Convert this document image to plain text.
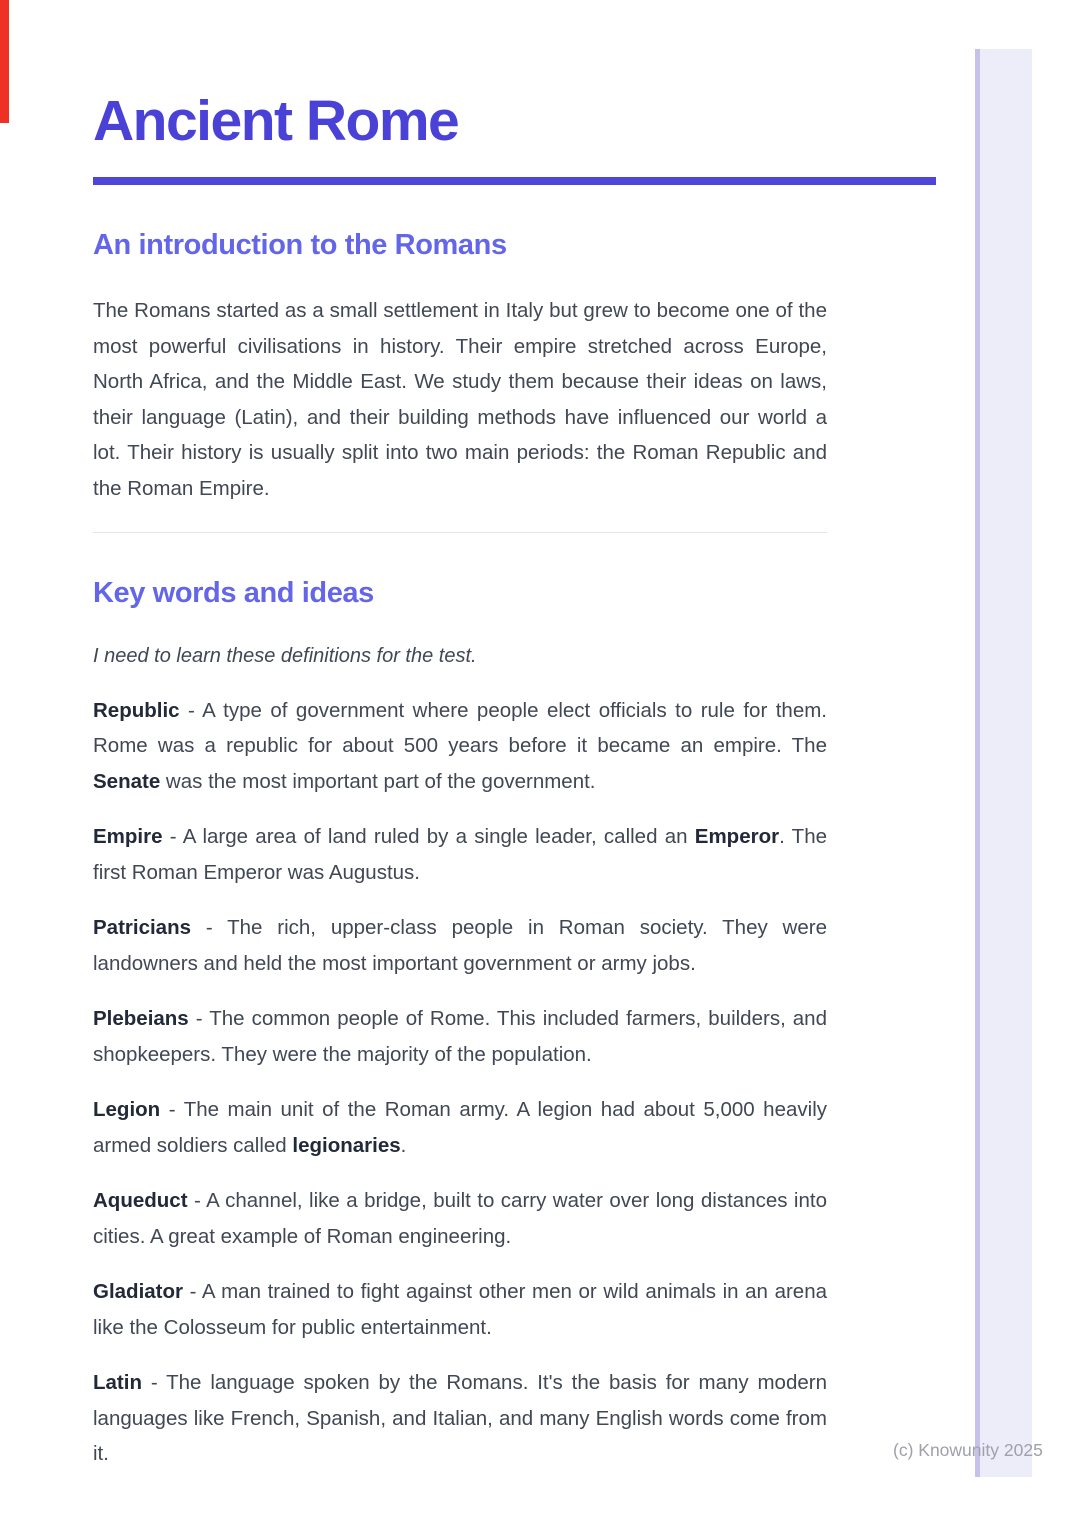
(c) Knowunity 2025
Ancient Rome
An introduction to the Romans

The Romans started as a small settlement in Italy but grew to become one of the most powerful civilisations in history. Their empire stretched across Europe, North Africa, and the Middle East. We study them because their ideas on laws, their language (Latin), and their building methods have influenced our world a lot. Their history is usually split into two main periods: the Roman Republic and the Roman Empire.

Key words and ideas

I need to learn these definitions for the test.

Republic - A type of government where people elect officials to rule for them. Rome was a republic for about 500 years before it became an empire. The Senate was the most important part of the government.

Empire - A large area of land ruled by a single leader, called an Emperor. The first Roman Emperor was Augustus.

Patricians - The rich, upper-class people in Roman society. They were landowners and held the most important government or army jobs.

Plebeians - The common people of Rome. This included farmers, builders, and shopkeepers. They were the majority of the population.

Legion - The main unit of the Roman army. A legion had about 5,000 heavily armed soldiers called legionaries.

Aqueduct - A channel, like a bridge, built to carry water over long distances into cities. A great example of Roman engineering.

Gladiator - A man trained to fight against other men or wild animals in an arena like the Colosseum for public entertainment.

Latin - The language spoken by the Romans. It's the basis for many modern languages like French, Spanish, and Italian, and many English words come from it.
